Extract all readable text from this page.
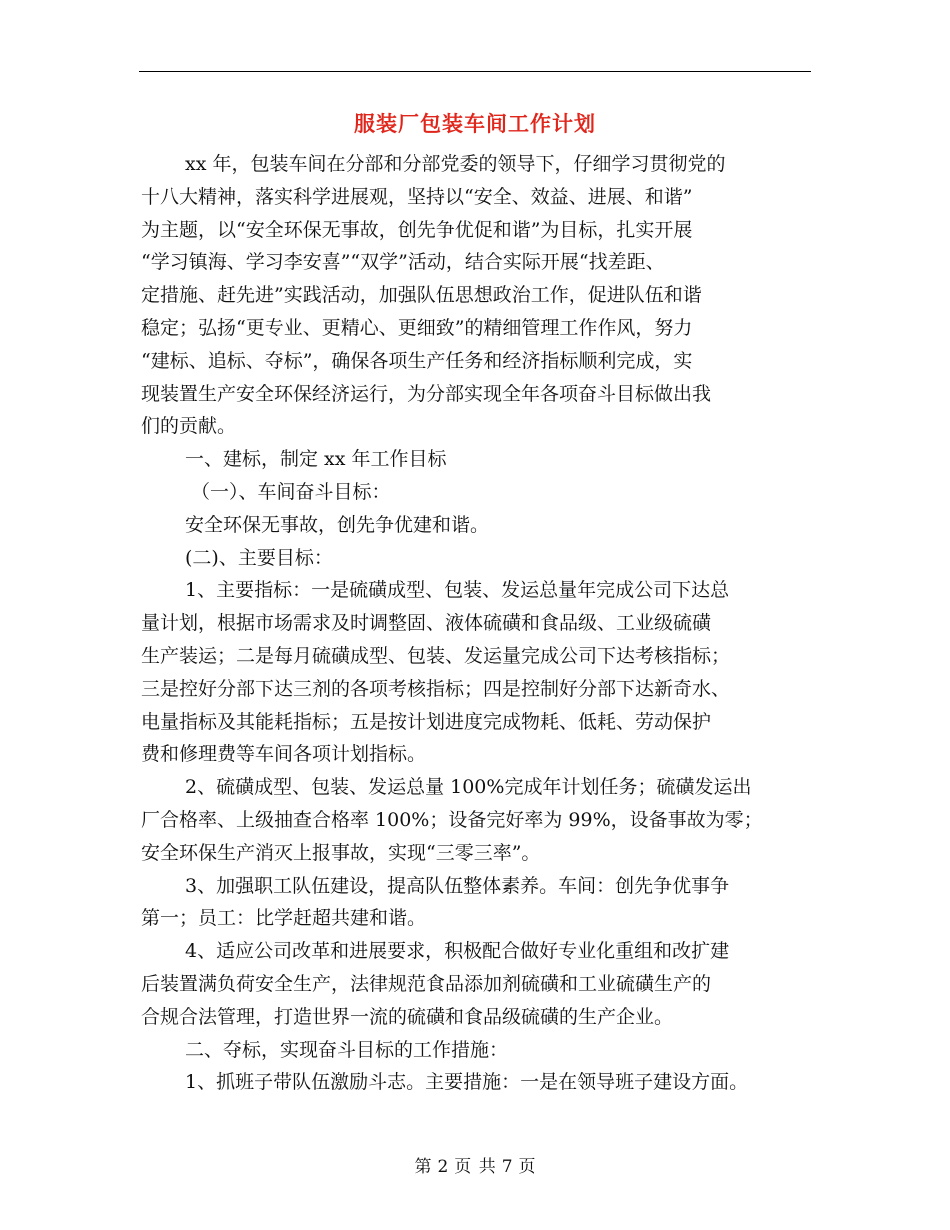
服装厂包装车间工作计划
xx 年，包装车间在分部和分部党委的领导下，仔细学习贯彻党的
十八大精神，落实科学进展观，坚持以“安全、效益、进展、和谐”
为主题，以“安全环保无事故，创先争优促和谐”为目标，扎实开展
“学习镇海、学习李安喜”“双学”活动，结合实际开展“找差距、
定措施、赶先进”实践活动，加强队伍思想政治工作，促进队伍和谐
稳定；弘扬“更专业、更精心、更细致”的精细管理工作作风，努力
“建标、追标、夺标”，确保各项生产任务和经济指标顺利完成，实
现装置生产安全环保经济运行，为分部实现全年各项奋斗目标做出我
们的贡献。
一、建标，制定 xx 年工作目标
（一）、车间奋斗目标：
安全环保无事故，创先争优建和谐。
(二)、主要目标：
1、主要指标：一是硫磺成型、包装、发运总量年完成公司下达总
量计划，根据市场需求及时调整固、液体硫磺和食品级、工业级硫磺
生产装运；二是每月硫磺成型、包装、发运量完成公司下达考核指标；
三是控好分部下达三剂的各项考核指标；四是控制好分部下达新奇水、
电量指标及其能耗指标；五是按计划进度完成物耗、低耗、劳动保护
费和修理费等车间各项计划指标。
2、硫磺成型、包装、发运总量 100%完成年计划任务；硫磺发运出
厂合格率、上级抽查合格率 100%；设备完好率为 99%，设备事故为零；
安全环保生产消灭上报事故，实现“三零三率”。
3、加强职工队伍建设，提高队伍整体素养。车间：创先争优事争
第一；员工：比学赶超共建和谐。
4、适应公司改革和进展要求，积极配合做好专业化重组和改扩建
后装置满负荷安全生产，法律规范食品添加剂硫磺和工业硫磺生产的
合规合法管理，打造世界一流的硫磺和食品级硫磺的生产企业。
二、夺标，实现奋斗目标的工作措施：
1、抓班子带队伍激励斗志。主要措施：一是在领导班子建设方面。
第 2 页 共 7 页
